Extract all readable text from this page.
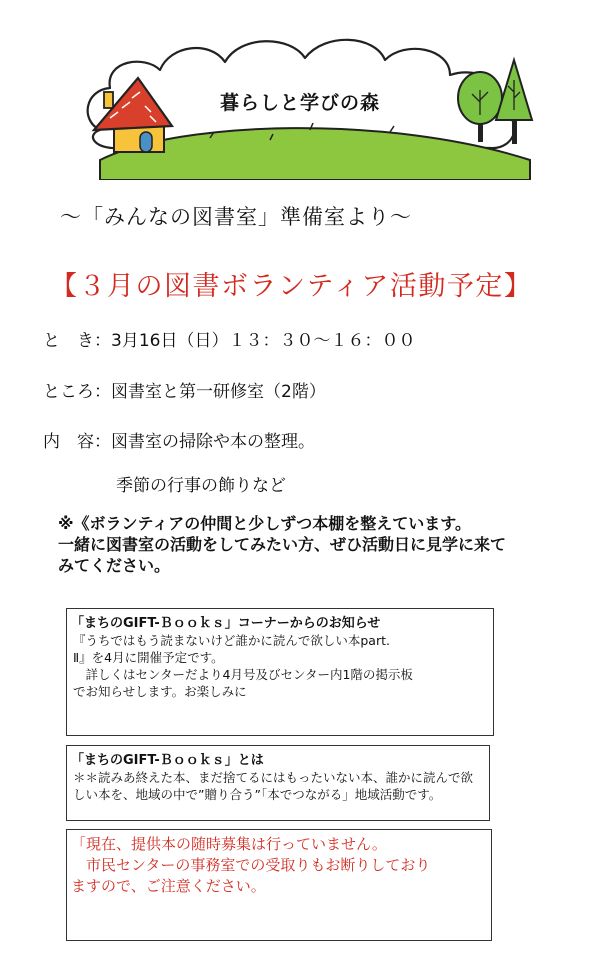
暮らしと学びの森
～「みんなの図書室」準備室より～
【３月の図書ボランティア活動予定】
と　き：3月16日（日）１３：３０～１６：００
ところ：図書室と第一研修室（2階）
内　容：図書室の掃除や本の整理。
季節の行事の飾りなど
※《ボランティアの仲間と少しずつ本棚を整えています。
一緒に図書室の活動をしてみたい方、ぜひ活動日に見学に来て
みてください。
「まちのGIFT-Ｂｏｏｋｓ」コーナーからのお知らせ
『うちではもう読まないけど誰かに読んで欲しい本part.
Ⅱ』を4月に開催予定です。
　詳しくはセンターだより4月号及びセンター内1階の掲示板
でお知らせします。お楽しみに
「まちのGIFT-Ｂｏｏｋｓ」とは
＊＊読みあ終えた本、まだ捨てるにはもったいない本、誰かに読んで欲
しい本を、地域の中で”贈り合う”「本でつながる」地域活動です。
「現在、提供本の随時募集は行っていません。
　市民センターの事務室での受取りもお断りしており
ますので、ご注意ください。
